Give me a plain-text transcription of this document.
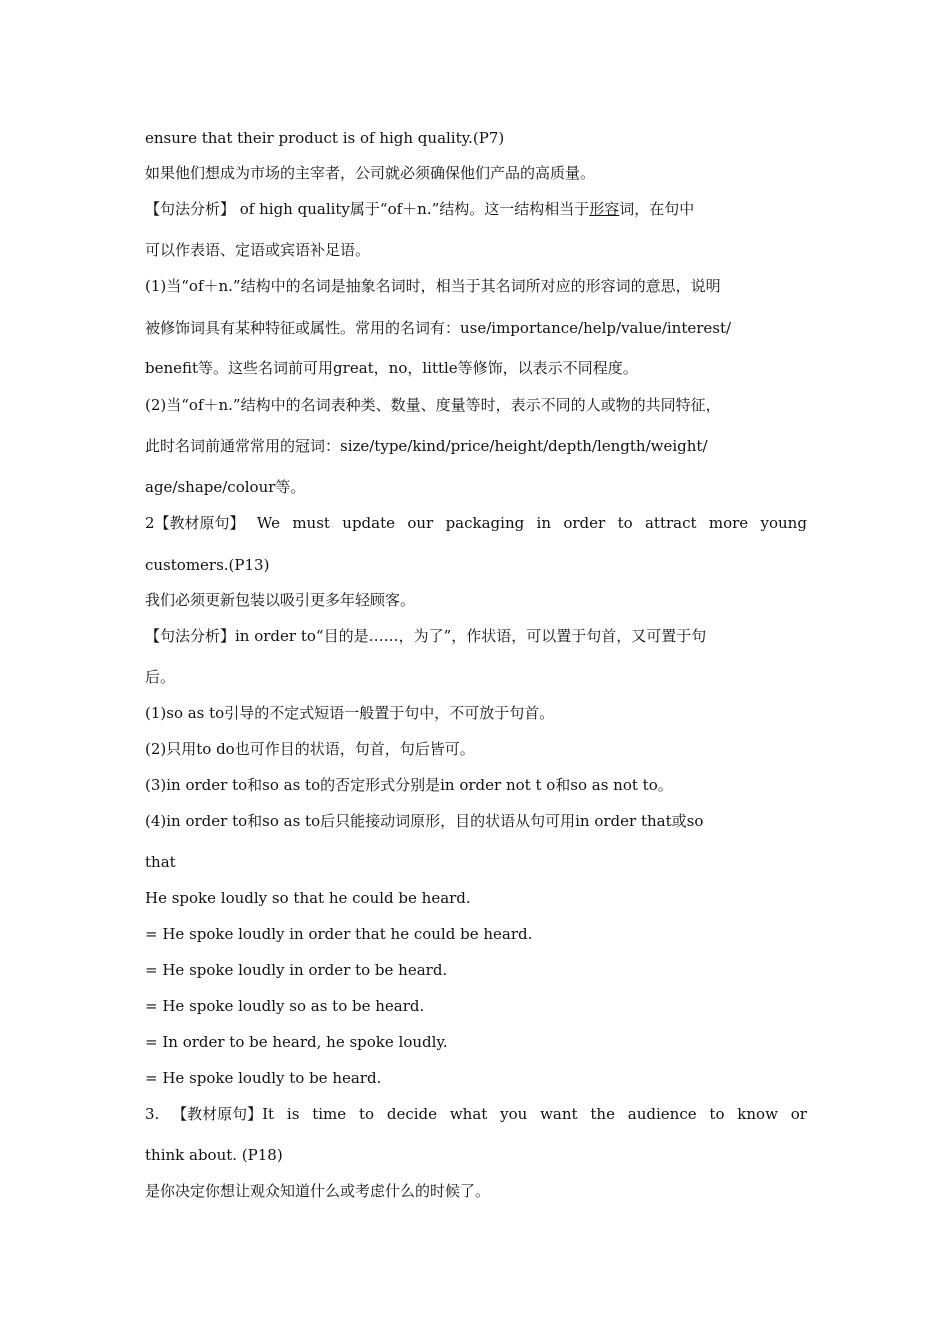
ensure that their product is of high quality.(P7)
如果他们想成为市场的主宰者，公司就必须确保他们产品的高质量。
【句法分析】 of high quality属于“of＋n.”结构。这一结构相当于形容词，在句中
可以作表语、定语或宾语补足语。
(1)当“of＋n.”结构中的名词是抽象名词时，相当于其名词所对应的形容词的意思，说明
被修饰词具有某种特征或属性。常用的名词有：use/importance/help/value/interest/
benefit等。这些名词前可用great，no，little等修饰，以表示不同程度。
(2)当“of＋n.”结构中的名词表种类、数量、度量等时，表示不同的人或物的共同特征，
此时名词前通常常用的冠词：size/type/kind/price/height/depth/length/weight/
age/shape/colour等。
2【教材原句】 We must update our packaging in order to attract more young
customers.(P13)
我们必须更新包装以吸引更多年轻顾客。
【句法分析】in order to“目的是……，为了”，作状语，可以置于句首，又可置于句
后。
(1)so as to引导的不定式短语一般置于句中，不可放于句首。
(2)只用to do也可作目的状语，句首，句后皆可。
(3)in order to和so as to的否定形式分别是in order not t o和so as not to。
(4)in order to和so as to后只能接动词原形，目的状语从句可用in order that或so
that
He spoke loudly so that he could be heard.
= He spoke loudly in order that he could be heard.
= He spoke loudly in order to be heard.
= He spoke loudly so as to be heard.
= In order to be heard, he spoke loudly.
= He spoke loudly to be heard.
3. 【教材原句】It is time to decide what you want the audience to know or
think about. (P18)
是你决定你想让观众知道什么或考虑什么的时候了。
